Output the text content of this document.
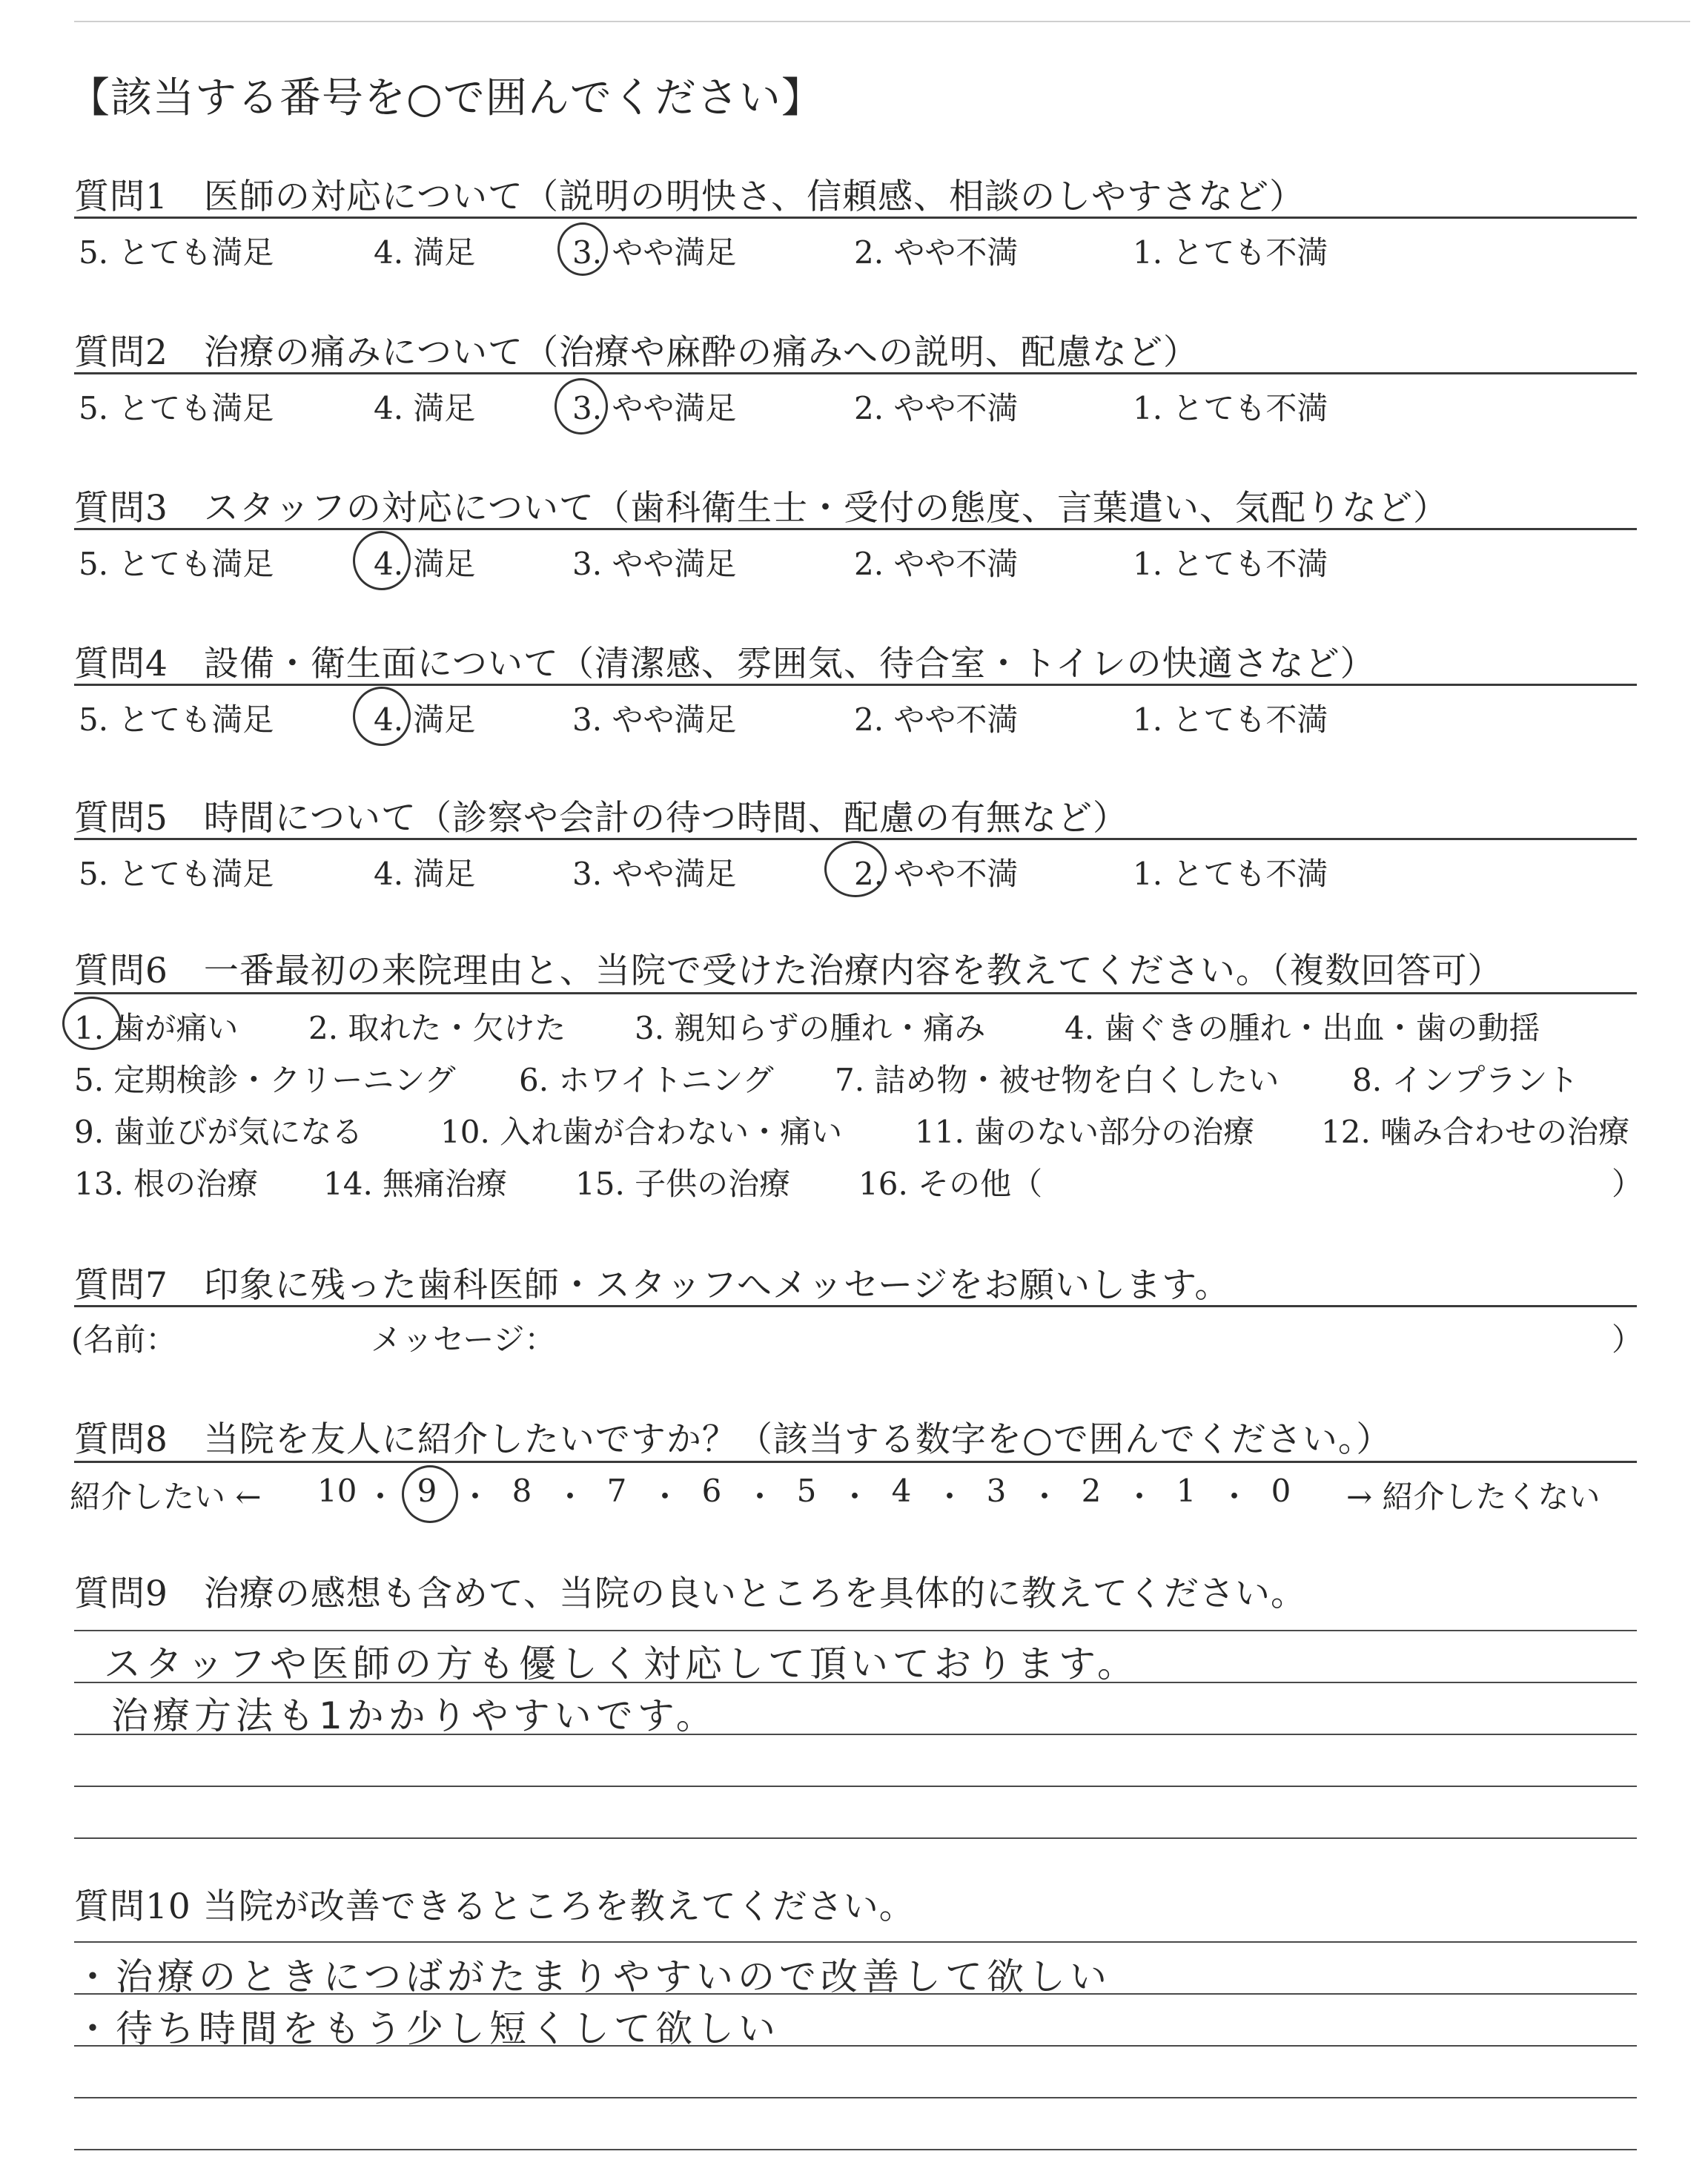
【該当する番号を○で囲んでください】
質問1　医師の対応について（説明の明快さ、信頼感、相談のしやすさなど）
5. とても満足	4. 満足	3. やや満足	2. やや不満	1. とても不満
質問2　治療の痛みについて（治療や麻酔の痛みへの説明、配慮など）
5. とても満足	4. 満足	3. やや満足	2. やや不満	1. とても不満
質問3　スタッフの対応について（歯科衛生士・受付の態度、言葉遣い、気配りなど）
5. とても満足	4. 満足	3. やや満足	2. やや不満	1. とても不満
質問4　設備・衛生面について（清潔感、雰囲気、待合室・トイレの快適さなど）
5. とても満足	4. 満足	3. やや満足	2. やや不満	1. とても不満
質問5　時間について（診察や会計の待つ時間、配慮の有無など）
5. とても満足	4. 満足	3. やや満足	2. やや不満	1. とても不満
質問6　一番最初の来院理由と、当院で受けた治療内容を教えてください。（複数回答可）
1. 歯が痛い 2. 取れた・欠けた 3. 親知らずの腫れ・痛み	4. 歯ぐきの腫れ・出血・歯の動揺
5. 定期検診・クリーニング 6. ホワイトニング 7. 詰め物・被せ物を白くしたい 8. インプラント
9. 歯並びが気になる 10. 入れ歯が合わない・痛い 11. 歯のない部分の治療 12. 噛み合わせの治療
13. 根の治療 14. 無痛治療 15. 子供の治療 16. その他（	）
質問7　印象に残った歯科医師・スタッフへメッセージをお願いします。
(名前：	メッセージ：	）
質問8　当院を友人に紹介したいですか？（該当する数字を○で囲んでください。）
紹介したい ←	→ 紹介したくない
10 ・ 9 ・ 8 ・ 7 ・ 6 ・ 5 ・ 4 ・ 3 ・ 2 ・ 1 ・ 0
質問9　治療の感想も含めて、当院の良いところを具体的に教えてください。
スタッフや医師の方も優しく対応して頂いております。
治療方法も1かかりやすいです。
質問10 当院が改善できるところを教えてください。
・治療のときにつばがたまりやすいので改善して欲しい
・待ち時間をもう少し短くして欲しい
